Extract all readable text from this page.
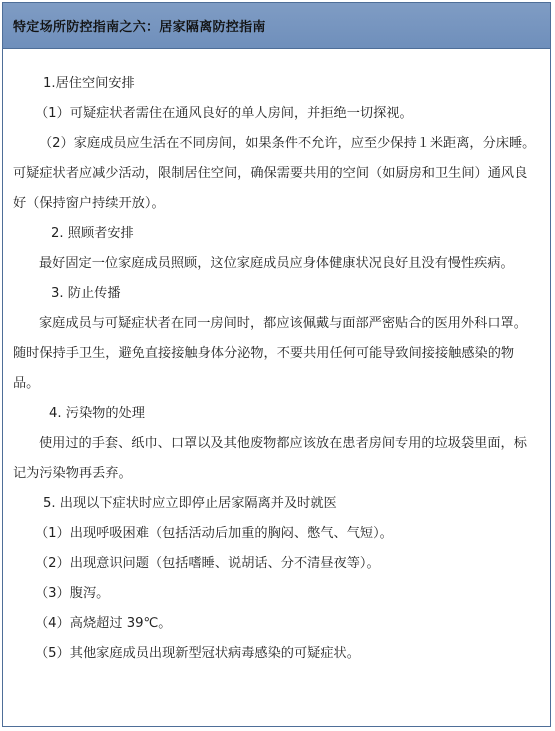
特定场所防控指南之六：居家隔离防控指南

1.居住空间安排

（1）可疑症状者需住在通风良好的单人房间，并拒绝一切探视。

（2）家庭成员应生活在不同房间，如果条件不允许，应至少保持１米距离，分床睡。可疑症状者应减少活动，限制居住空间，确保需要共用的空间（如厨房和卫生间）通风良好（保持窗户持续开放）。

2. 照顾者安排

最好固定一位家庭成员照顾，这位家庭成员应身体健康状况良好且没有慢性疾病。

3. 防止传播

家庭成员与可疑症状者在同一房间时，都应该佩戴与面部严密贴合的医用外科口罩。随时保持手卫生，避免直接接触身体分泌物，不要共用任何可能导致间接接触感染的物品。

4. 污染物的处理

使用过的手套、纸巾、口罩以及其他废物都应该放在患者房间专用的垃圾袋里面，标记为污染物再丢弃。

5. 出现以下症状时应立即停止居家隔离并及时就医

（1）出现呼吸困难（包括活动后加重的胸闷、憋气、气短）。

（2）出现意识问题（包括嗜睡、说胡话、分不清昼夜等）。

（3）腹泻。

（4）高烧超过 39℃。

（5）其他家庭成员出现新型冠状病毒感染的可疑症状。
